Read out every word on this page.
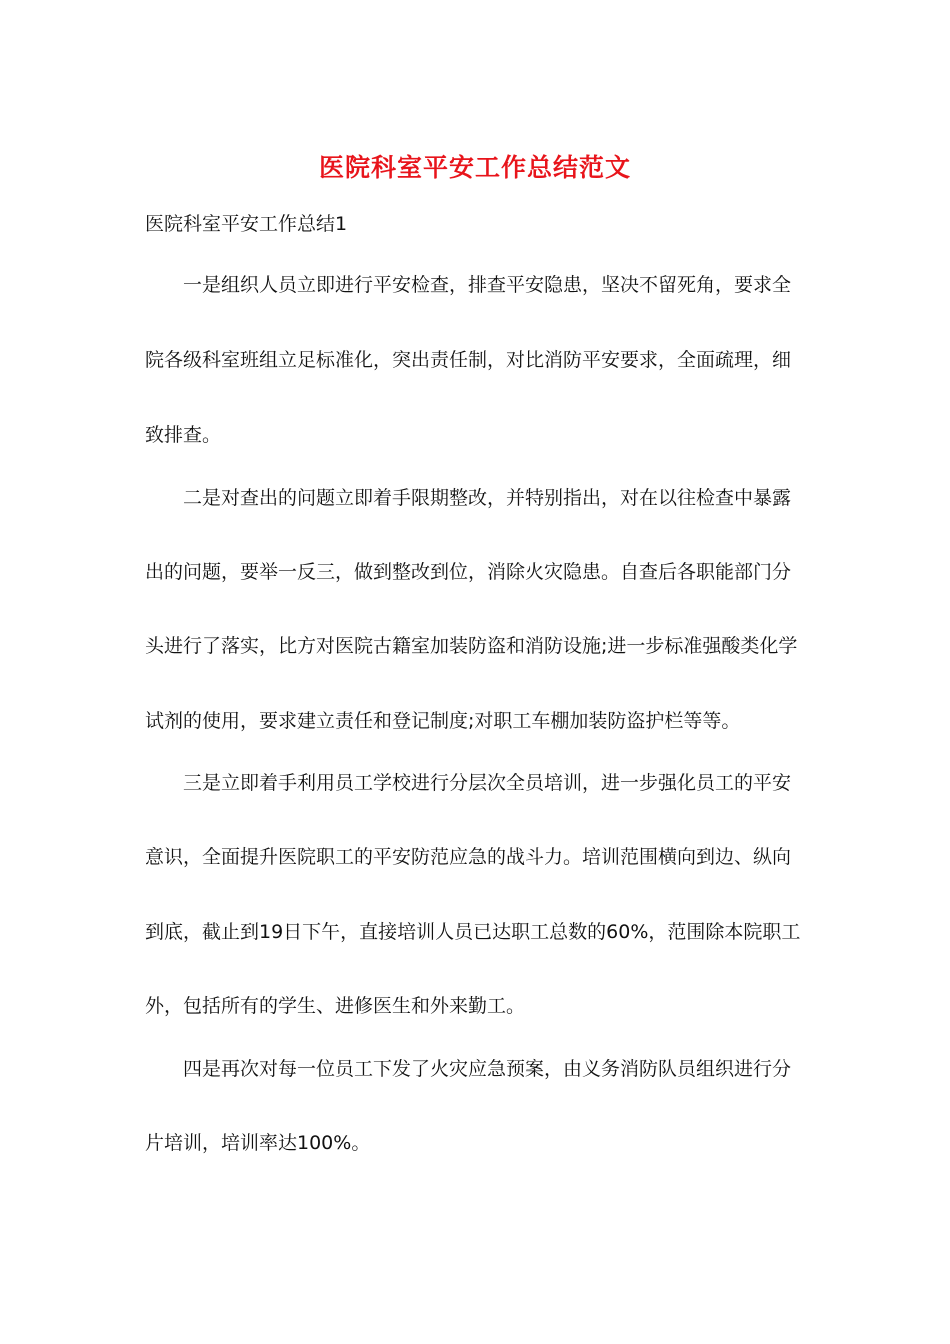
医院科室平安工作总结范文
医院科室平安工作总结1

一是组织人员立即进行平安检查，排查平安隐患，坚决不留死角，要求全

院各级科室班组立足标准化，突出责任制，对比消防平安要求，全面疏理，细

致排查。

二是对查出的问题立即着手限期整改，并特别指出，对在以往检查中暴露

出的问题，要举一反三，做到整改到位，消除火灾隐患。自查后各职能部门分

头进行了落实，比方对医院古籍室加装防盗和消防设施;进一步标准强酸类化学

试剂的使用，要求建立责任和登记制度;对职工车棚加装防盗护栏等等。

三是立即着手利用员工学校进行分层次全员培训，进一步强化员工的平安

意识，全面提升医院职工的平安防范应急的战斗力。培训范围横向到边、纵向

到底，截止到19日下午，直接培训人员已达职工总数的60%，范围除本院职工

外，包括所有的学生、进修医生和外来勤工。

四是再次对每一位员工下发了火灾应急预案，由义务消防队员组织进行分

片培训，培训率达100%。
